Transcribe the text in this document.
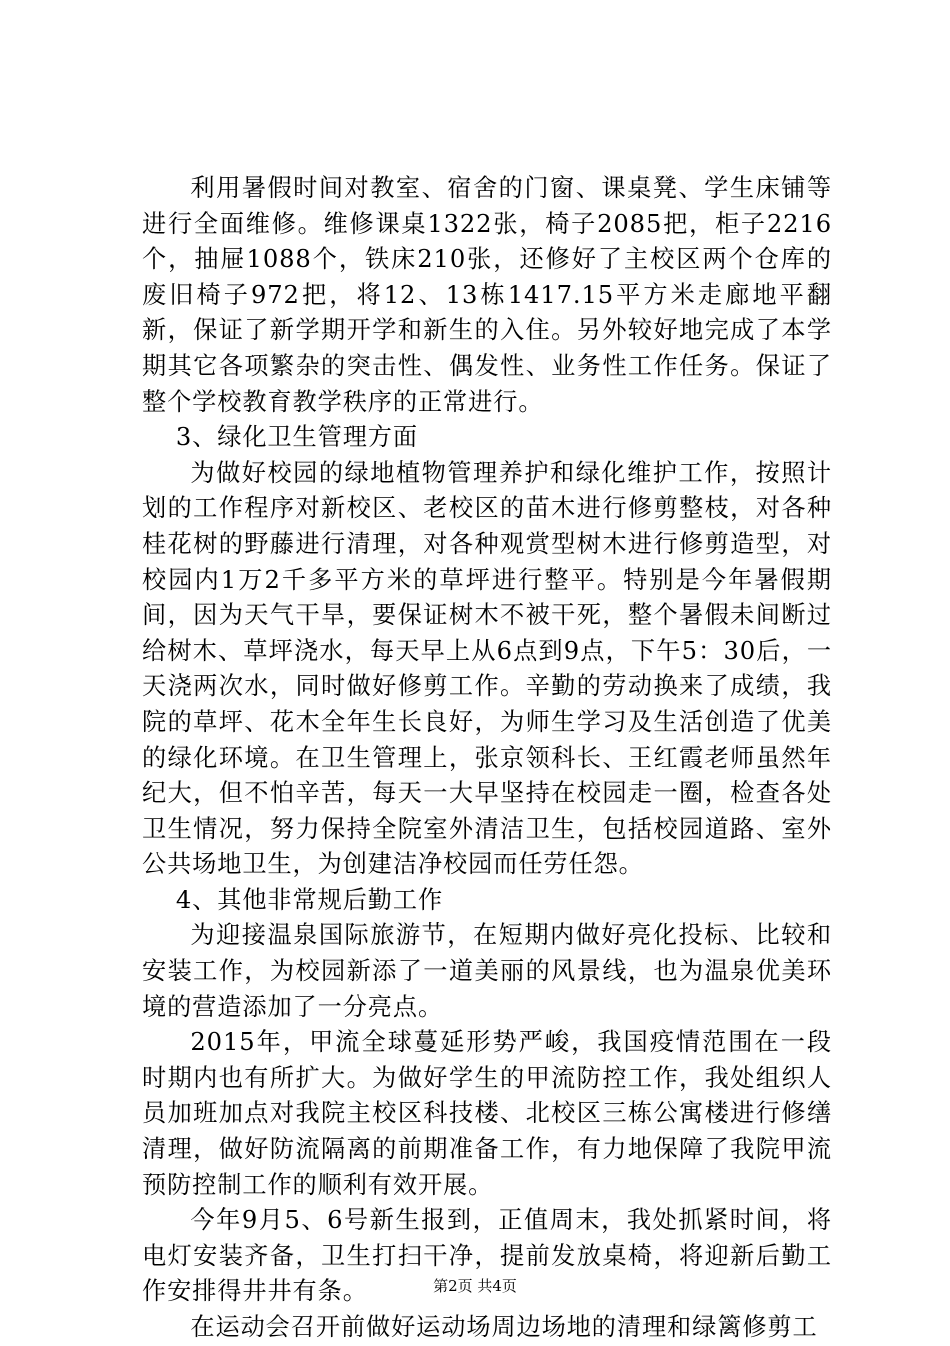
利用暑假时间对教室、宿舍的门窗、课桌凳、学生床铺等进行全面维修。维修课桌1322张，椅子2085把，柜子2216个，抽屉1088个，铁床210张，还修好了主校区两个仓库的废旧椅子972把，将12、13栋1417.15平方米走廊地平翻新，保证了新学期开学和新生的入住。另外较好地完成了本学期其它各项繁杂的突击性、偶发性、业务性工作任务。保证了整个学校教育教学秩序的正常进行。

3、绿化卫生管理方面

为做好校园的绿地植物管理养护和绿化维护工作，按照计划的工作程序对新校区、老校区的苗木进行修剪整枝，对各种桂花树的野藤进行清理，对各种观赏型树木进行修剪造型，对校园内1万2千多平方米的草坪进行整平。特别是今年暑假期间，因为天气干旱，要保证树木不被干死，整个暑假未间断过给树木、草坪浇水，每天早上从6点到9点，下午5：30后，一天浇两次水，同时做好修剪工作。辛勤的劳动换来了成绩，我院的草坪、花木全年生长良好，为师生学习及生活创造了优美的绿化环境。在卫生管理上，张京领科长、王红霞老师虽然年纪大，但不怕辛苦，每天一大早坚持在校园走一圈，检查各处卫生情况，努力保持全院室外清洁卫生，包括校园道路、室外公共场地卫生，为创建洁净校园而任劳任怨。

4、其他非常规后勤工作

为迎接温泉国际旅游节，在短期内做好亮化投标、比较和安装工作，为校园新添了一道美丽的风景线，也为温泉优美环境的营造添加了一分亮点。

2015年，甲流全球蔓延形势严峻，我国疫情范围在一段时期内也有所扩大。为做好学生的甲流防控工作，我处组织人员加班加点对我院主校区科技楼、北校区三栋公寓楼进行修缮清理，做好防流隔离的前期准备工作，有力地保障了我院甲流预防控制工作的顺利有效开展。

今年9月5、6号新生报到，正值周末，我处抓紧时间，将电灯安装齐备，卫生打扫干净，提前发放桌椅，将迎新后勤工作安排得井井有条。

在运动会召开前做好运动场周边场地的清理和绿篱修剪工

第2页 共4页
